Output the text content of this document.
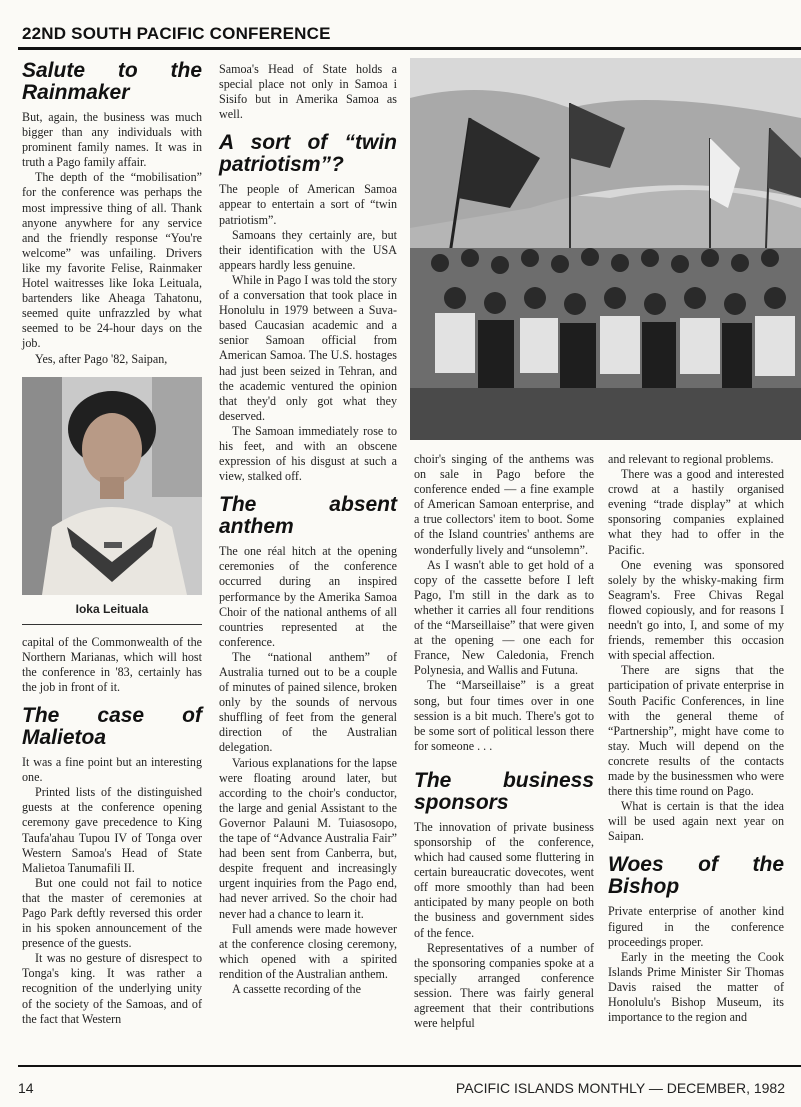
22ND SOUTH PACIFIC CONFERENCE
Salute to the Rainmaker

But, again, the business was much bigger than any individuals with prominent family names. It was in truth a Pago family affair.

The depth of the “mobilisation” for the conference was perhaps the most impressive thing of all. Thank anyone anywhere for any service and the friendly response “You're welcome” was unfailing. Drivers like my favorite Felise, Rainmaker Hotel waitresses like Ioka Leituala, bartenders like Aheaga Tahatonu, seemed quite unfrazzled by what seemed to be 24-hour days on the job.

Yes, after Pago '82, Saipan,

Ioka Leituala

capital of the Commonwealth of the Northern Marianas, which will host the conference in '83, certainly has the job in front of it.

The case of Malietoa

It was a fine point but an interesting one.

Printed lists of the distinguished guests at the conference opening ceremony gave precedence to King Taufa'ahau Tupou IV of Tonga over Western Samoa's Head of State Malietoa Tanumafili II.

But one could not fail to notice that the master of ceremonies at Pago Park deftly reversed this order in his spoken announcement of the presence of the guests.

It was no gesture of disrespect to Tonga's king. It was rather a recognition of the underlying unity of the society of the Samoas, and of the fact that Western

Samoa's Head of State holds a special place not only in Samoa i Sisifo but in Amerika Samoa as well.

A sort of “twin patriotism”?

The people of American Samoa appear to entertain a sort of “twin patriotism”.

Samoans they certainly are, but their identification with the USA appears hardly less genuine.

While in Pago I was told the story of a conversation that took place in Honolulu in 1979 between a Suva-based Caucasian academic and a senior Samoan official from American Samoa. The U.S. hostages had just been seized in Tehran, and the academic ventured the opinion that they'd only got what they deserved.

The Samoan immediately rose to his feet, and with an obscene expression of his disgust at such a view, stalked off.

The absent anthem

The one réal hitch at the opening ceremonies of the conference occurred during an inspired performance by the Amerika Samoa Choir of the national anthems of all countries represented at the conference.

The “national anthem” of Australia turned out to be a couple of minutes of pained silence, broken only by the sounds of nervous shuffling of feet from the general direction of the Australian delegation.

Various explanations for the lapse were floating around later, but according to the choir's conductor, the large and genial Assistant to the Governor Palauni M. Tuiasosopo, the tape of “Advance Australia Fair” had been sent from Canberra, but, despite frequent and increasingly urgent inquiries from the Pago end, had never arrived. So the choir had never had a chance to learn it.

Full amends were made however at the conference closing ceremony, which opened with a spirited rendition of the Australian anthem.

A cassette recording of the

choir's singing of the anthems was on sale in Pago before the conference ended — a fine example of American Samoan enterprise, and a true collectors' item to boot. Some of the Island countries' anthems are wonderfully lively and “unsolemn”.

As I wasn't able to get hold of a copy of the cassette before I left Pago, I'm still in the dark as to whether it carries all four renditions of the “Marseillaise” that were given at the opening — one each for France, New Caledonia, French Polynesia, and Wallis and Futuna.

The “Marseillaise” is a great song, but four times over in one session is a bit much. There's got to be some sort of political lesson there for someone . . .

The business sponsors

The innovation of private business sponsorship of the conference, which had caused some fluttering in certain bureaucratic dovecotes, went off more smoothly than had been anticipated by many people on both the business and government sides of the fence.

Representatives of a number of the sponsoring companies spoke at a specially arranged conference session. There was fairly general agreement that their contributions were helpful

and relevant to regional problems.

There was a good and interested crowd at a hastily organised evening “trade display” at which sponsoring companies explained what they had to offer in the Pacific.

One evening was sponsored solely by the whisky-making firm Seagram's. Free Chivas Regal flowed copiously, and for reasons I needn't go into, I, and some of my friends, remember this occasion with special affection.

There are signs that the participation of private enterprise in South Pacific Conferences, in line with the general theme of “Partnership”, might have come to stay. Much will depend on the concrete results of the contacts made by the businessmen who were there this time round on Pago.

What is certain is that the idea will be used again next year on Saipan.

Woes of the Bishop

Private enterprise of another kind figured in the conference proceedings proper.

Early in the meeting the Cook Islands Prime Minister Sir Thomas Davis raised the matter of Honolulu's Bishop Museum, its importance to the region and

14	PACIFIC ISLANDS MONTHLY — DECEMBER, 1982
